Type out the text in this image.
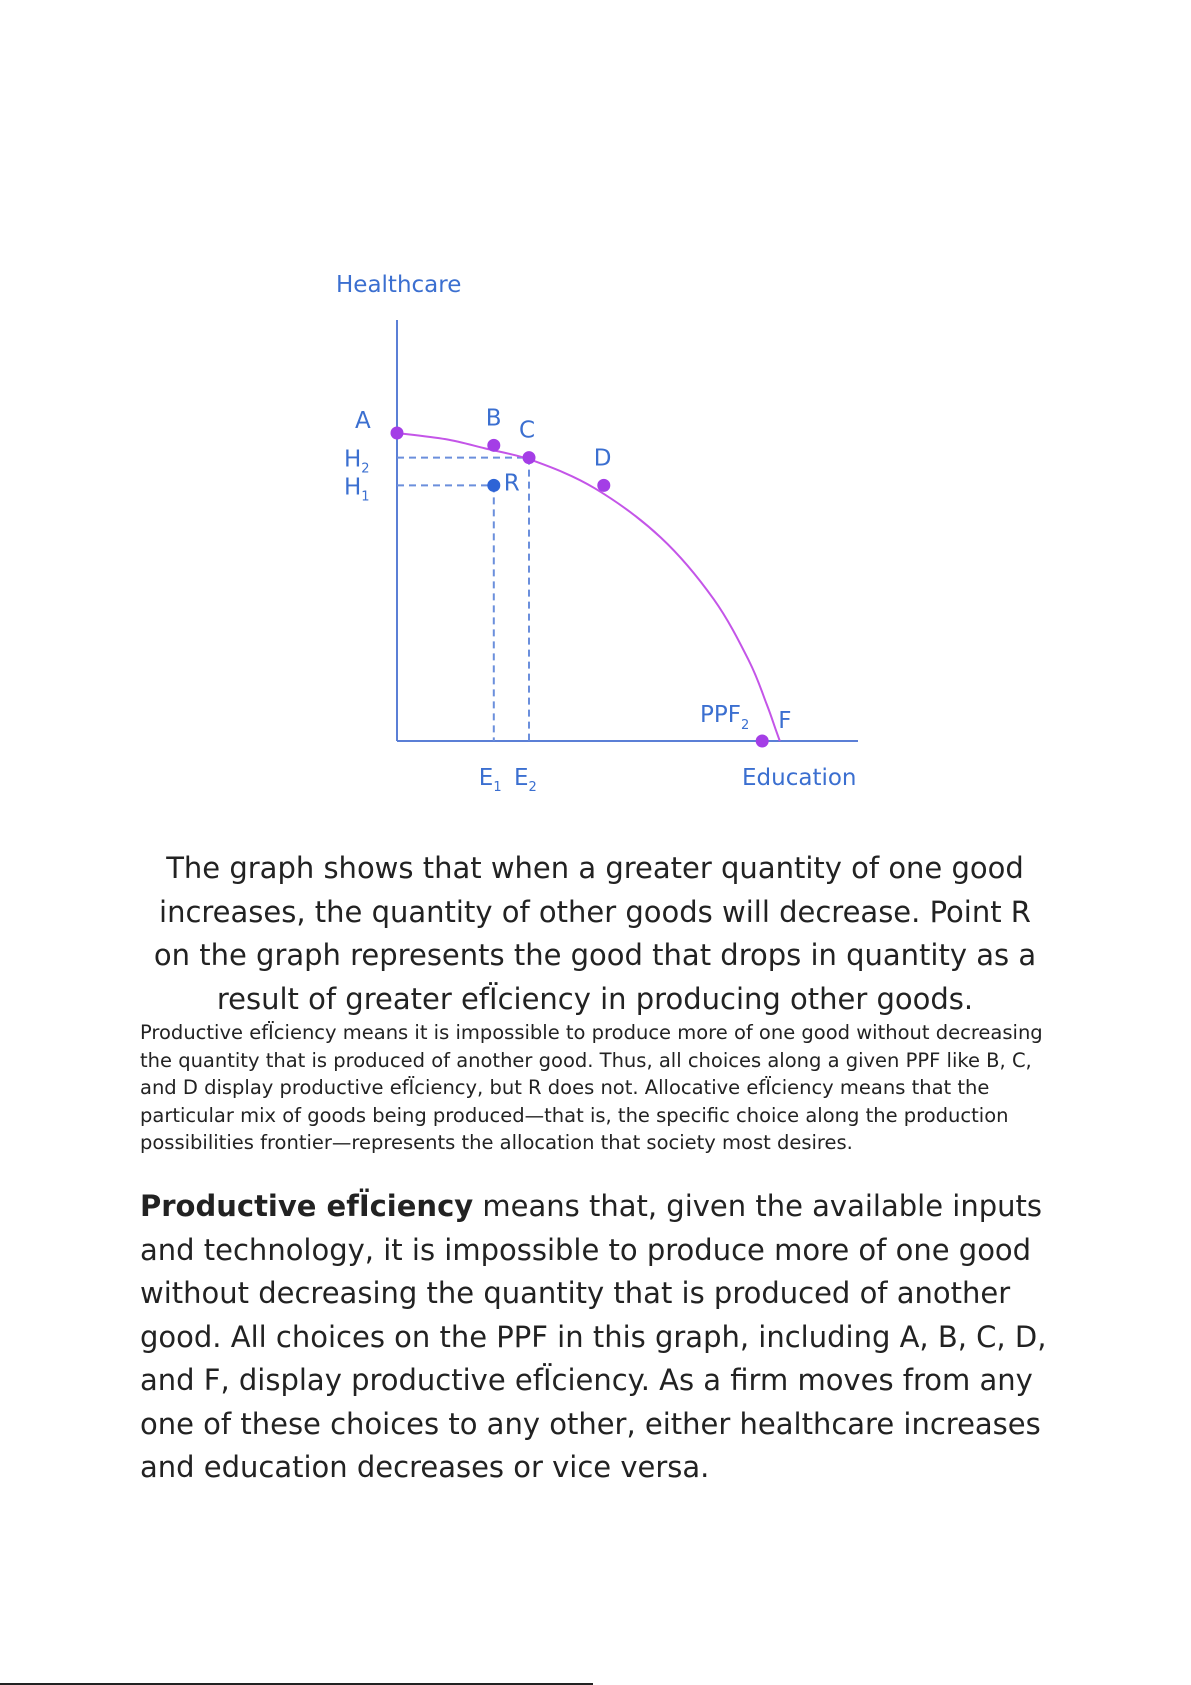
Healthcare
Education
$PPF_2$
A	B C
D
R
F
$H_2$
$H_1$
$E_1$ $E_2$

The graph shows that when a greater quantity of one good increases, the quantity of other goods will decrease. Point R on the graph represents the good that drops in quantity as a result of greater efÏciency in producing other goods.

Productive efÏciency means it is impossible to produce more of one good without decreasing the quantity that is produced of another good. Thus, all choices along a given PPF like B, C, and D display productive efÏciency, but R does not. Allocative efÏciency means that the particular mix of goods being produced—that is, the specific choice along the production possibilities frontier—represents the allocation that society most desires.

Productive efÏciency means that, given the available inputs and technology, it is impossible to produce more of one good without decreasing the quantity that is produced of another good. All choices on the PPF in this graph, including A, B, C, D, and F, display productive efÏciency. As a firm moves from any one of these choices to any other, either healthcare increases and education decreases or vice versa.
